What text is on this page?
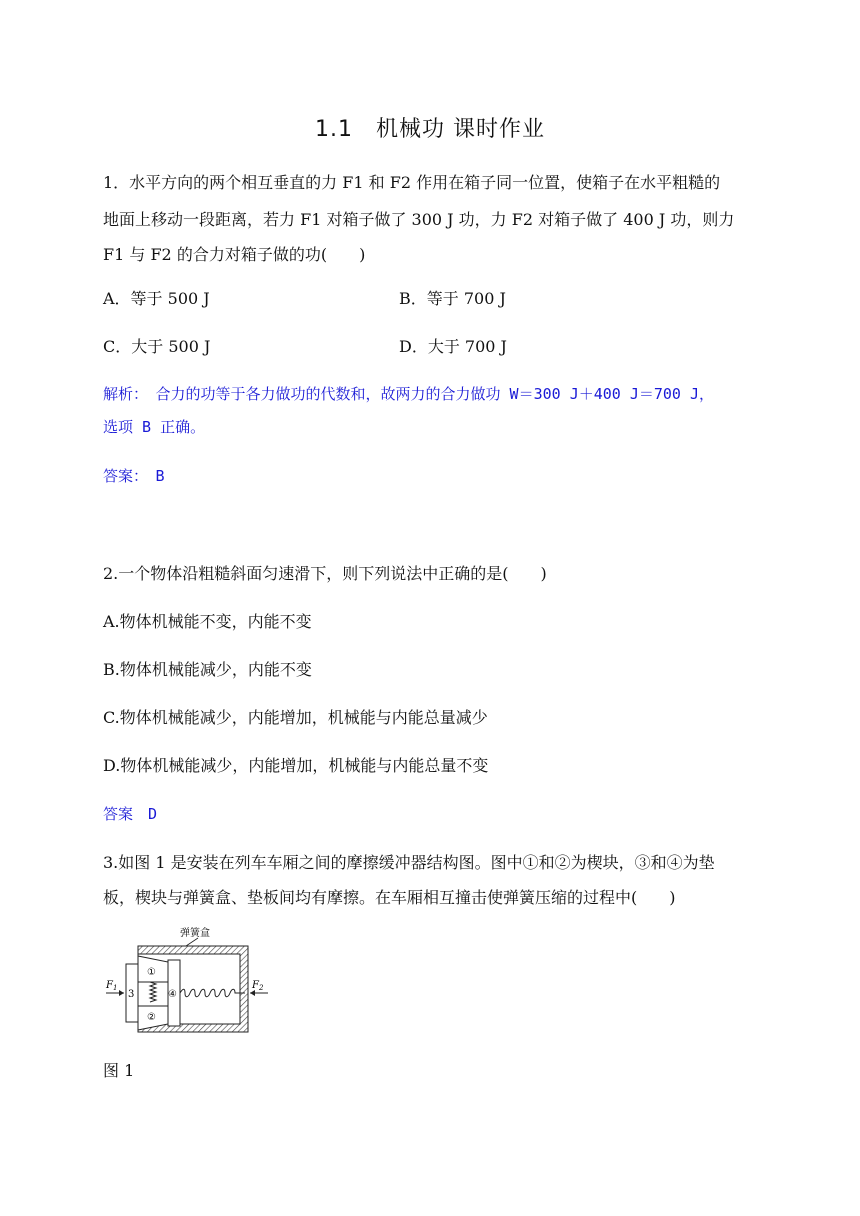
1.1　机械功 课时作业
1．水平方向的两个相互垂直的力 F1 和 F2 作用在箱子同一位置，使箱子在水平粗糙的
地面上移动一段距离，若力 F1 对箱子做了 300 J 功，力 F2 对箱子做了 400 J 功，则力
F1 与 F2 的合力对箱子做的功(　　)
A．等于 500 J	B．等于 700 J
C．大于 500 J	D．大于 700 J
解析：　合力的功等于各力做功的代数和，故两力的合力做功 W＝300 J＋400 J＝700 J，
选项 B 正确。
答案：　B
2.一个物体沿粗糙斜面匀速滑下，则下列说法中正确的是(　　)
A.物体机械能不变，内能不变
B.物体机械能减少，内能不变
C.物体机械能减少，内能增加，机械能与内能总量减少
D.物体机械能减少，内能增加，机械能与内能总量不变
答案　D
3.如图 1 是安装在列车车厢之间的摩擦缓冲器结构图。图中①和②为楔块，③和④为垫
板，楔块与弹簧盒、垫板间均有摩擦。在车厢相互撞击使弹簧压缩的过程中(　　)
弹簧盒
3
①
②
④
$F_1$	$F_2$
图 1
